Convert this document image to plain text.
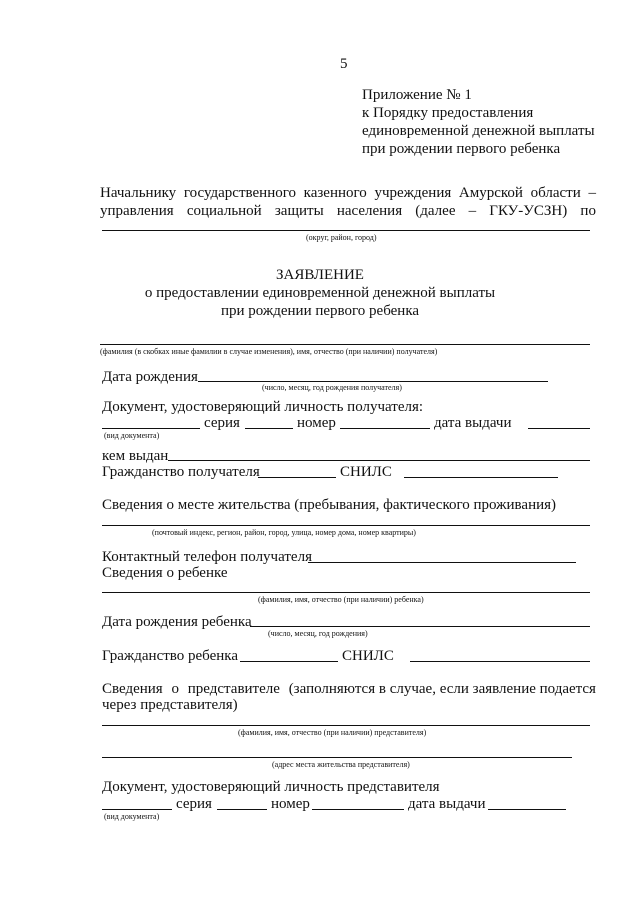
5
Приложение № 1
к Порядку предоставления
единовременной денежной выплаты
при рождении первого ребенка
Начальнику государственного казенного учреждения Амурской области –
управления социальной защиты населения (далее – ГКУ-УСЗН) по
(округ, район, город)
ЗАЯВЛЕНИЕ
о предоставлении единовременной денежной выплаты
при рождении первого ребенка
(фамилия (в скобках иные фамилии в случае изменения), имя, отчество (при наличии) получателя)
Дата рождения
(число, месяц, год рождения получателя)
Документ, удостоверяющий личность получателя:
серия	номер	дата выдачи
(вид документа)
кем выдан
Гражданство получателя	СНИЛС
Сведения о месте жительства (пребывания, фактического проживания)
(почтовый индекс, регион, район, город, улица, номер дома, номер квартиры)
Контактный телефон получателя
Сведения о ребенке
(фамилия, имя, отчество (при наличии) ребенка)
Дата рождения ребенка
(число, месяц, год рождения)
Гражданство ребенка	СНИЛС
Сведения о представителе (заполняются в случае, если заявление подается
через представителя)
(фамилия, имя, отчество (при наличии) представителя)
(адрес места жительства представителя)
Документ, удостоверяющий личность представителя
серия	номер	дата выдачи
(вид документа)
